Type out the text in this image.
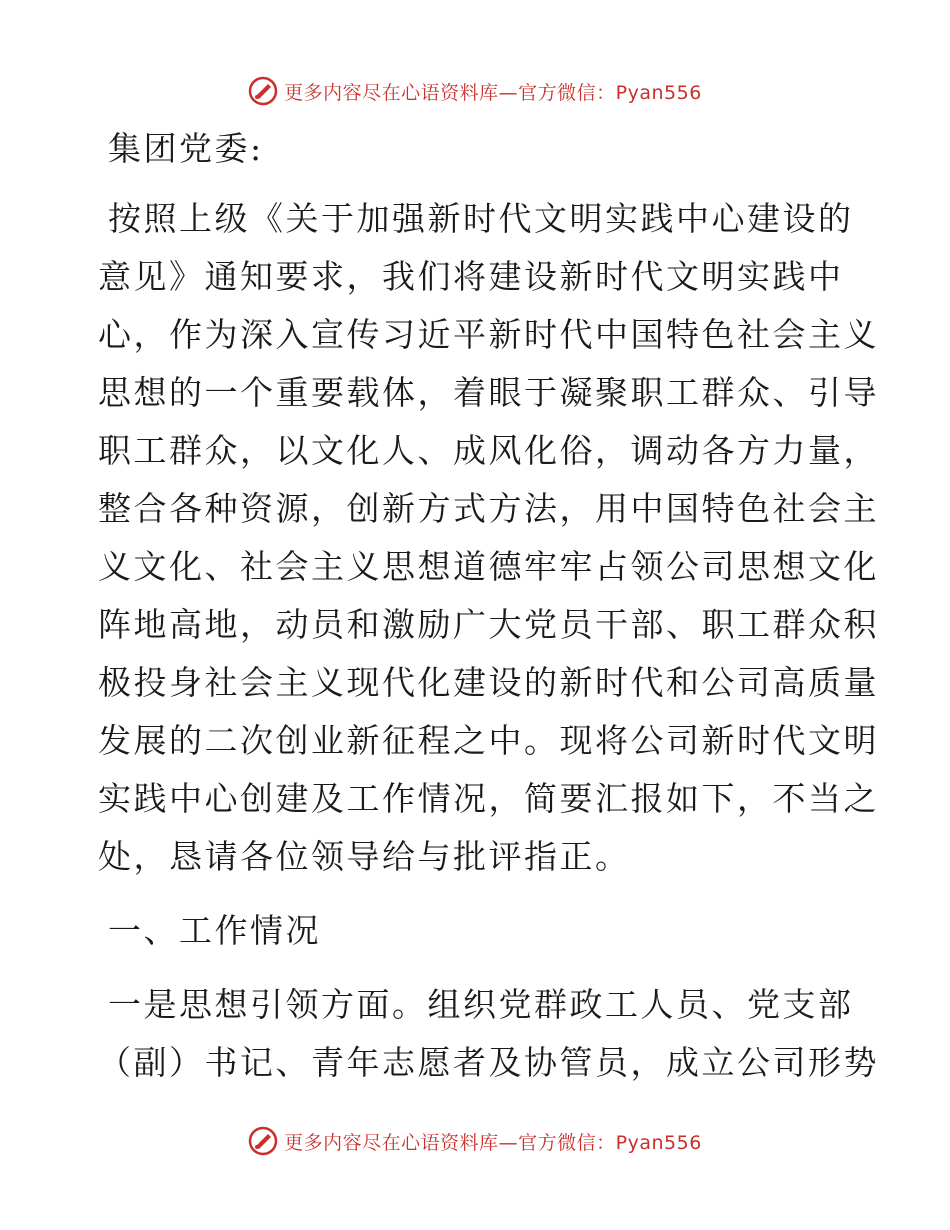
更多内容尽在心语资料库—官方微信：Pyan556
集团党委:
按照上级《关于加强新时代文明实践中心建设的
意见》通知要求，我们将建设新时代文明实践中
心，作为深入宣传习近平新时代中国特色社会主义
思想的一个重要载体，着眼于凝聚职工群众、引导
职工群众，以文化人、成风化俗，调动各方力量，
整合各种资源，创新方式方法，用中国特色社会主
义文化、社会主义思想道德牢牢占领公司思想文化
阵地高地，动员和激励广大党员干部、职工群众积
极投身社会主义现代化建设的新时代和公司高质量
发展的二次创业新征程之中。现将公司新时代文明
实践中心创建及工作情况，简要汇报如下，不当之
处，恳请各位领导给与批评指正。
一、工作情况
一是思想引领方面。组织党群政工人员、党支部
（副）书记、青年志愿者及协管员，成立公司形势
更多内容尽在心语资料库—官方微信：Pyan556
